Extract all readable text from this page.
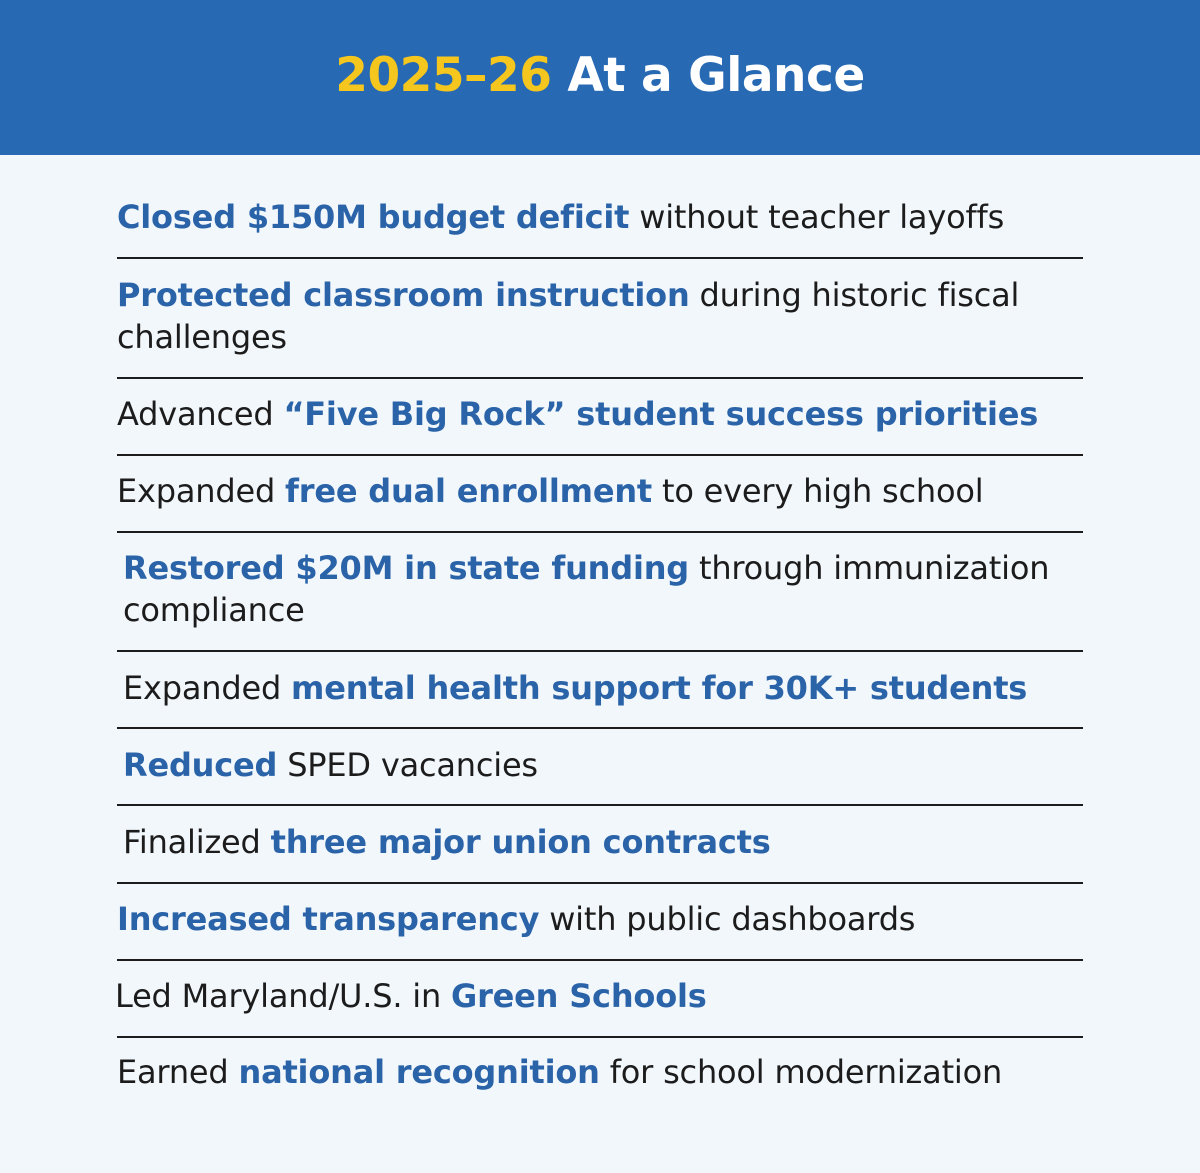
2025–26 At a Glance
Closed $150M budget deficit without teacher layoffs
Protected classroom instruction during historic fiscal challenges
Advanced “Five Big Rock” student success priorities
Expanded free dual enrollment to every high school
Restored $20M in state funding through immunization compliance
Expanded mental health support for 30K+ students
Reduced SPED vacancies
Finalized three major union contracts
Increased transparency with public dashboards
Led Maryland/U.S. in Green Schools
Earned national recognition for school modernization
